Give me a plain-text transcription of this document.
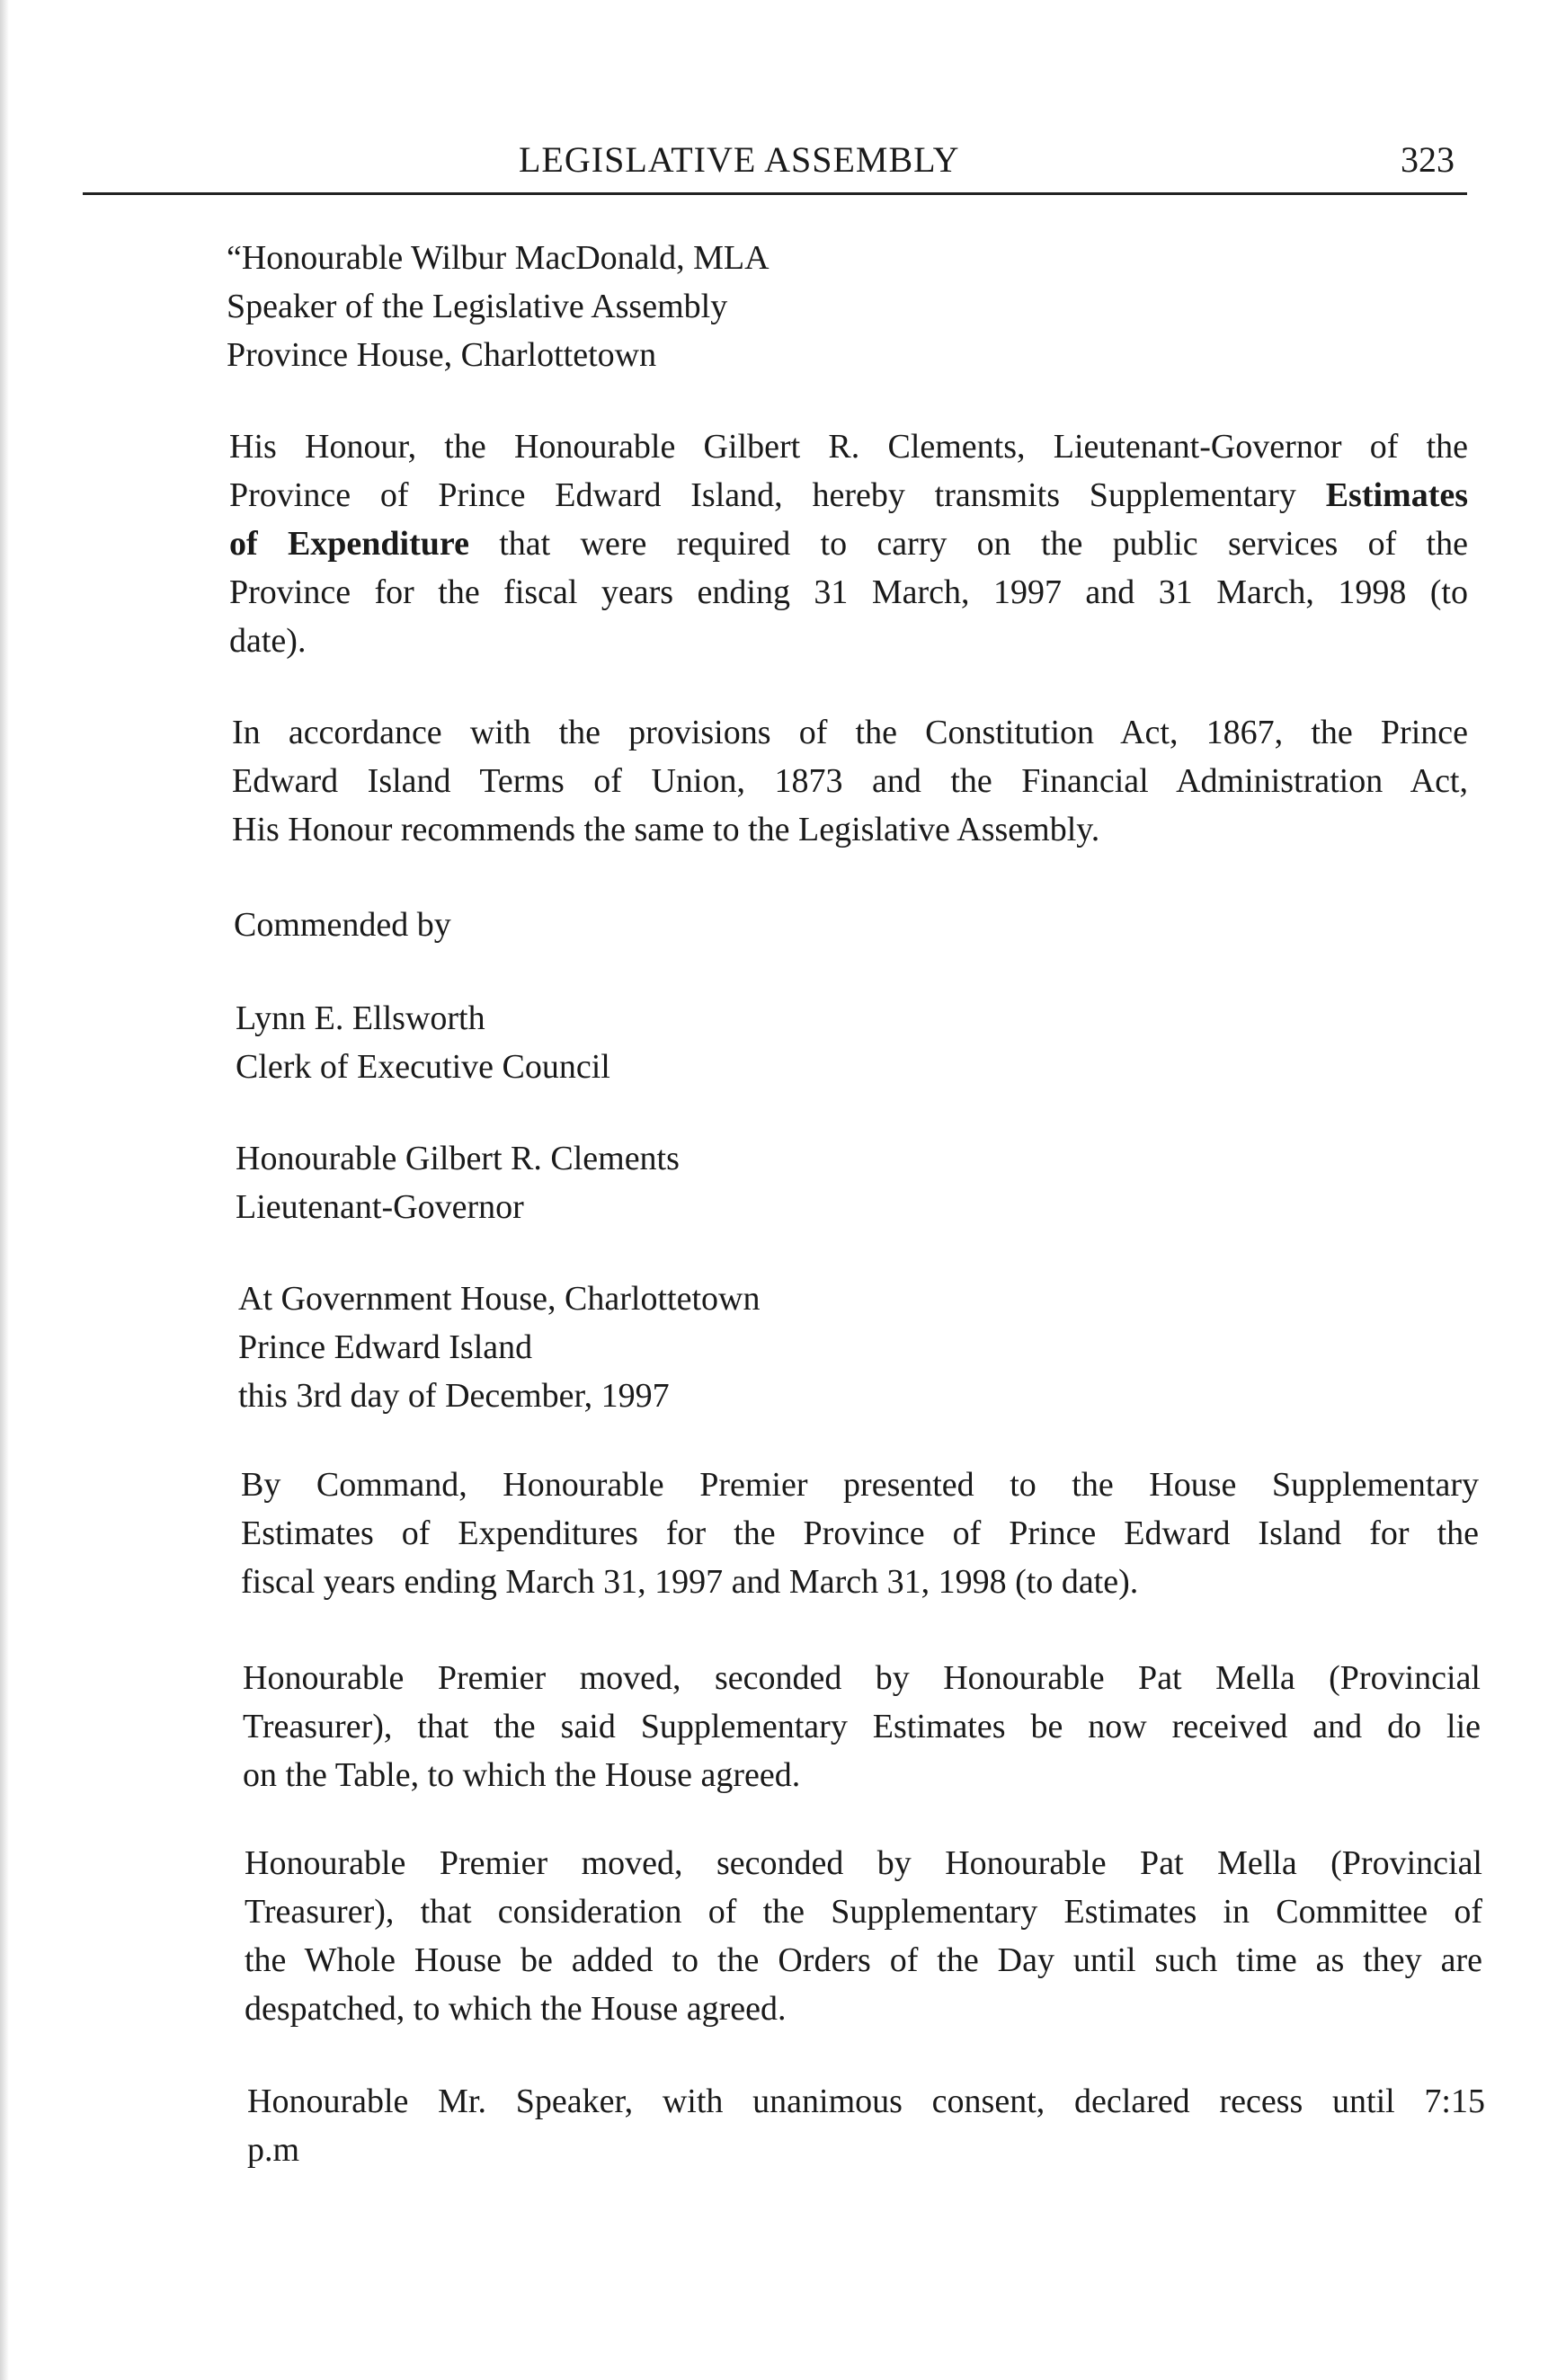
LEGISLATIVE ASSEMBLY	323
“Honourable Wilbur MacDonald, MLA
Speaker of the Legislative Assembly
Province House, Charlottetown
His Honour, the Honourable Gilbert R. Clements, Lieutenant-Governor of the
Province of Prince Edward Island, hereby transmits Supplementary Estimates
of Expenditure that were required to carry on the public services of the
Province for the fiscal years ending 31 March, 1997 and 31 March, 1998 (to
date).
In accordance with the provisions of the Constitution Act, 1867, the Prince
Edward Island Terms of Union, 1873 and the Financial Administration Act,
His Honour recommends the same to the Legislative Assembly.
Commended by
Lynn E. Ellsworth
Clerk of Executive Council
Honourable Gilbert R. Clements
Lieutenant-Governor
At Government House, Charlottetown
Prince Edward Island
this 3rd day of December, 1997
By Command, Honourable Premier presented to the House Supplementary
Estimates of Expenditures for the Province of Prince Edward Island for the
fiscal years ending March 31, 1997 and March 31, 1998 (to date).
Honourable Premier moved, seconded by Honourable Pat Mella (Provincial
Treasurer), that the said Supplementary Estimates be now received and do lie
on the Table, to which the House agreed.
Honourable Premier moved, seconded by Honourable Pat Mella (Provincial
Treasurer), that consideration of the Supplementary Estimates in Committee of
the Whole House be added to the Orders of the Day until such time as they are
despatched, to which the House agreed.
Honourable Mr. Speaker, with unanimous consent, declared recess until 7:15
p.m
